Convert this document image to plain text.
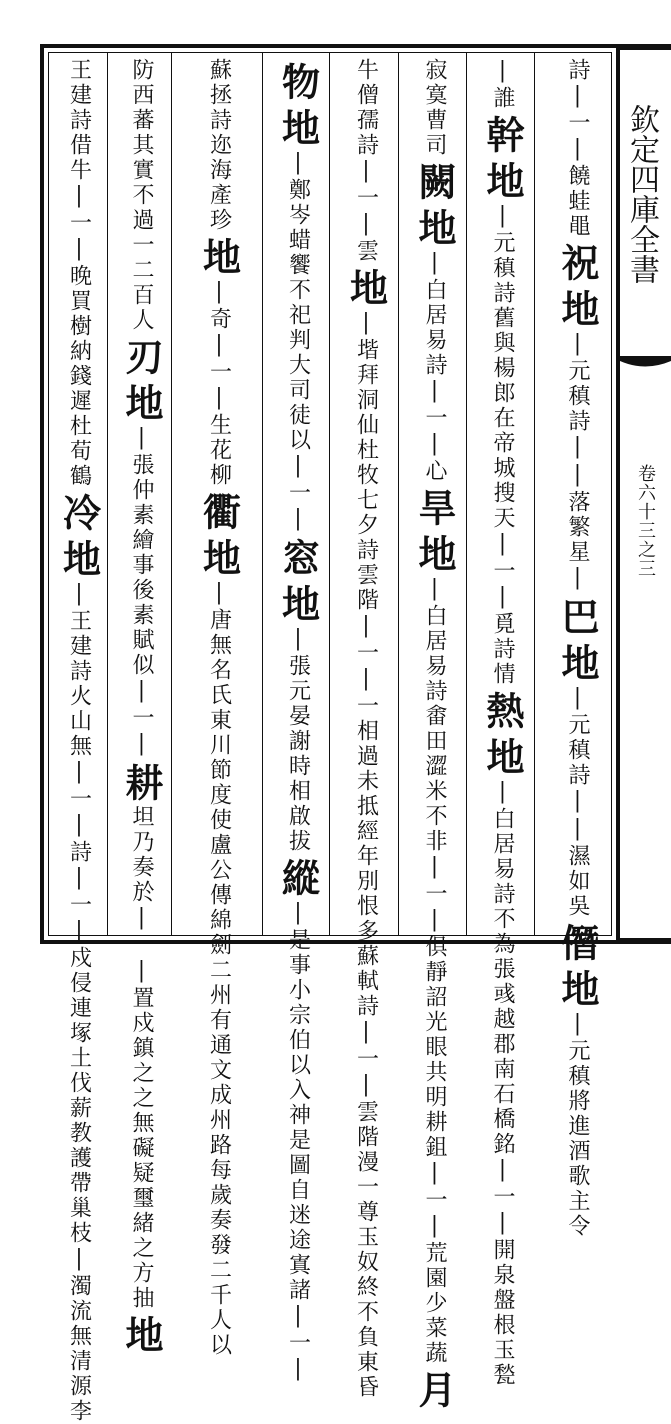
詩|一|
饒蛙黽
祝
地
|元稹詩|
|落繁星|
巴
地
|元稹詩|
|濕如吳
僭
地
|元稹將進酒歌主令
|誰
幹
地
|元稹詩舊與楊郎在帝城搜天|一|覓詩情
熱
地
|白居易詩
不為張彧越郡南石橋銘|一|開泉盤根玉甃
寂寞曹司
闕
地
|白居易詩|一|心
旱
地
|白居易詩畬田澀米不
非|一|
俱靜詔光眼共明
耕鉏|一|荒園少菜蔬
月
牛僧孺詩|一|雲
地
|堦拜洞仙杜牧七夕詩雲階|一|一相過未
抵經年別恨多蘇軾詩|一|雲階漫一尊玉奴終不負東昏
物
地
|鄭岑蜡饗不祀判大司徒以|一|
窓
地
|張元晏謝時相啟拔
縱
|是事小宗伯以入神是圖
自迷途寘諸|一|
蘇拯詩迩海產珍
地
|奇|一|生花柳
衢
地
|唐無名氏東川節度使盧公傳綿劍二州有通文成州路每歲奏發二千人以
防西蕃其實不過一二百人
刃
地
|張仲素繪事後素賦似|一|
耕
坦乃奏於|一|置戍鎮之
之無礙疑璽緒之方抽
地
王建詩借牛|一|晚買樹納錢遲杜荀鶴
冷
地
|王建詩火山無|一|
詩|一|戍侵連塚土伐薪教護帶巢枝
|濁流無清源李
欽定四庫全書
卷六十三之三
